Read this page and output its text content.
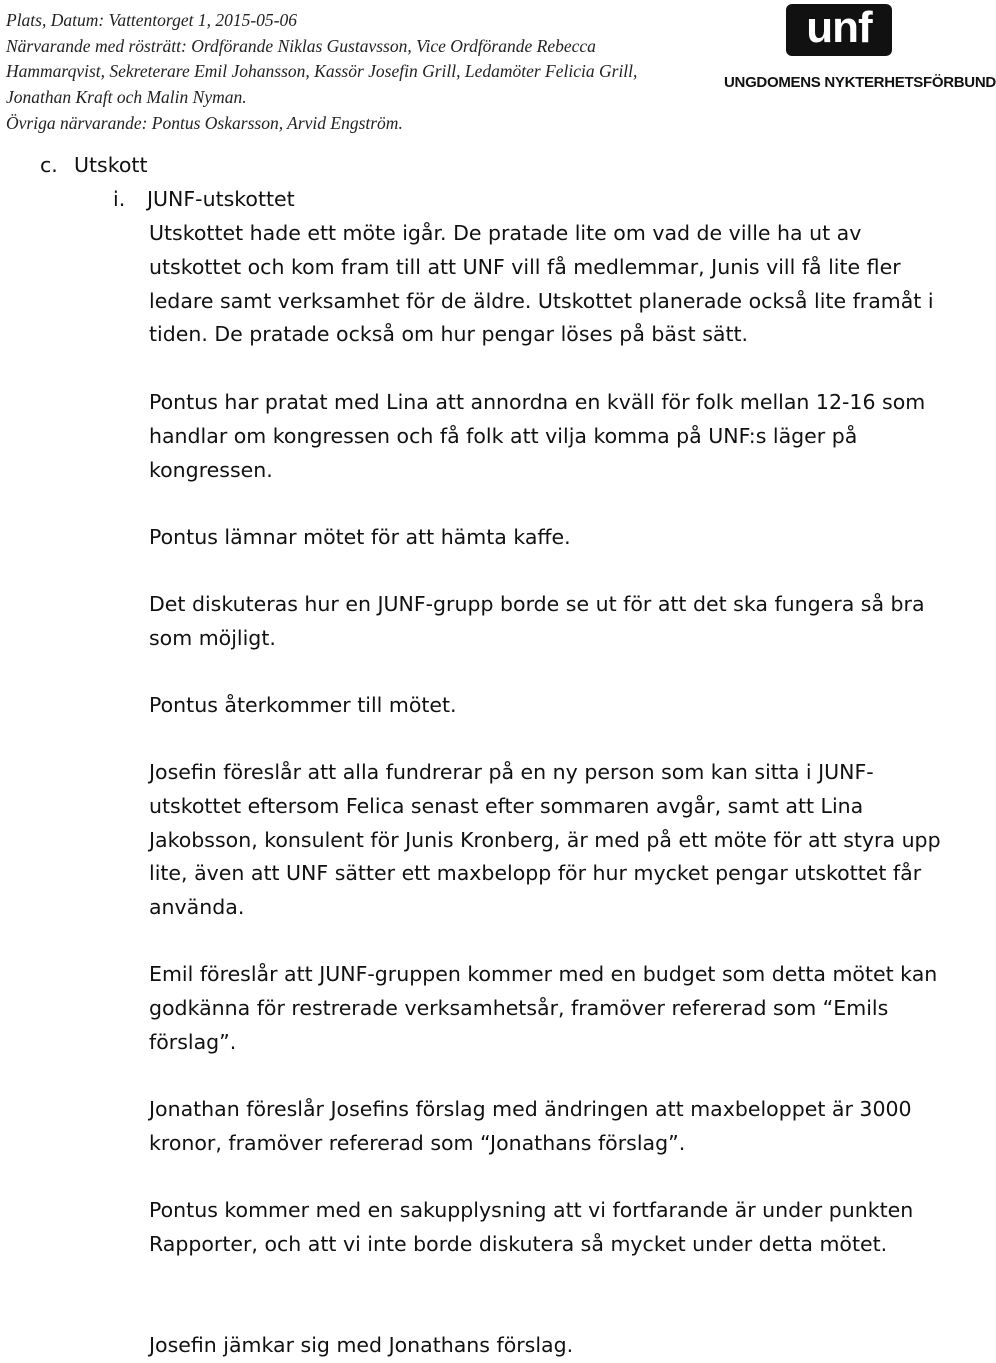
Plats, Datum: Vattentorget 1, 2015-05-06
Närvarande med rösträtt: Ordförande Niklas Gustavsson, Vice Ordförande Rebecca
Hammarqvist, Sekreterare Emil Johansson, Kassör Josefin Grill, Ledamöter Felicia Grill,
Jonathan Kraft och Malin Nyman.
Övriga närvarande: Pontus Oskarsson, Arvid Engström.
unf
UNGDOMENS NYKTERHETSFÖRBUND
c. Utskott
i. JUNF-utskottet

Utskottet hade ett möte igår. De pratade lite om vad de ville ha ut av utskottet och kom fram till att UNF vill få medlemmar, Junis vill få lite fler ledare samt verksamhet för de äldre. Utskottet planerade också lite framåt i tiden. De pratade också om hur pengar löses på bäst sätt.

Pontus har pratat med Lina att annordna en kväll för folk mellan 12-16 som handlar om kongressen och få folk att vilja komma på UNF:s läger på kongressen.

Pontus lämnar mötet för att hämta kaffe.

Det diskuteras hur en JUNF-grupp borde se ut för att det ska fungera så bra som möjligt.

Pontus återkommer till mötet.

Josefin föreslår att alla fundrerar på en ny person som kan sitta i JUNF-utskottet eftersom Felica senast efter sommaren avgår, samt att Lina Jakobsson, konsulent för Junis Kronberg, är med på ett möte för att styra upp lite, även att UNF sätter ett maxbelopp för hur mycket pengar utskottet får använda.

Emil föreslår att JUNF-gruppen kommer med en budget som detta mötet kan godkänna för restrerade verksamhetsår, framöver refererad som “Emils förslag”.

Jonathan föreslår Josefins förslag med ändringen att maxbeloppet är 3000 kronor, framöver refererad som “Jonathans förslag”.

Pontus kommer med en sakupplysning att vi fortfarande är under punkten Rapporter, och att vi inte borde diskutera så mycket under detta mötet.

Josefin jämkar sig med Jonathans förslag.
